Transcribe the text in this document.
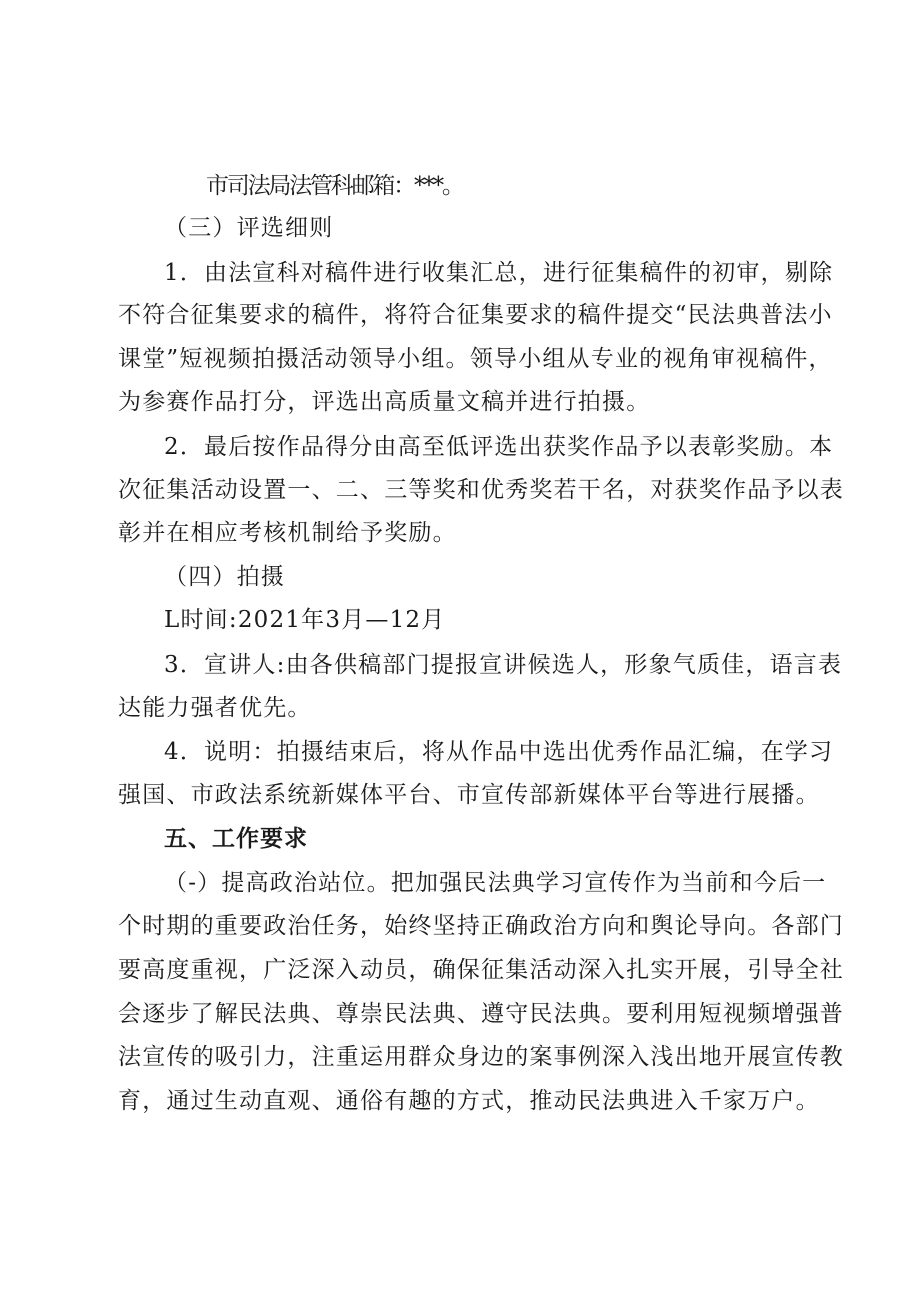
市司法局法管科邮箱：***。
（三）评选细则
1．由法宣科对稿件进行收集汇总，进行征集稿件的初审，剔除
不符合征集要求的稿件，将符合征集要求的稿件提交“民法典普法小
课堂”短视频拍摄活动领导小组。领导小组从专业的视角审视稿件，
为参赛作品打分，评选出高质量文稿并进行拍摄。
2．最后按作品得分由高至低评选出获奖作品予以表彰奖励。本
次征集活动设置一、二、三等奖和优秀奖若干名，对获奖作品予以表
彰并在相应考核机制给予奖励。
（四）拍摄
L时间:2021年3月—12月
3．宣讲人:由各供稿部门提报宣讲候选人，形象气质佳，语言表
达能力强者优先。
4．说明：拍摄结束后，将从作品中选出优秀作品汇编，在学习
强国、市政法系统新媒体平台、市宣传部新媒体平台等进行展播。
五、工作要求
（-）提高政治站位。把加强民法典学习宣传作为当前和今后一
个时期的重要政治任务，始终坚持正确政治方向和舆论导向。各部门
要高度重视，广泛深入动员，确保征集活动深入扎实开展，引导全社
会逐步了解民法典、尊崇民法典、遵守民法典。要利用短视频增强普
法宣传的吸引力，注重运用群众身边的案事例深入浅出地开展宣传教
育，通过生动直观、通俗有趣的方式，推动民法典进入千家万户。
